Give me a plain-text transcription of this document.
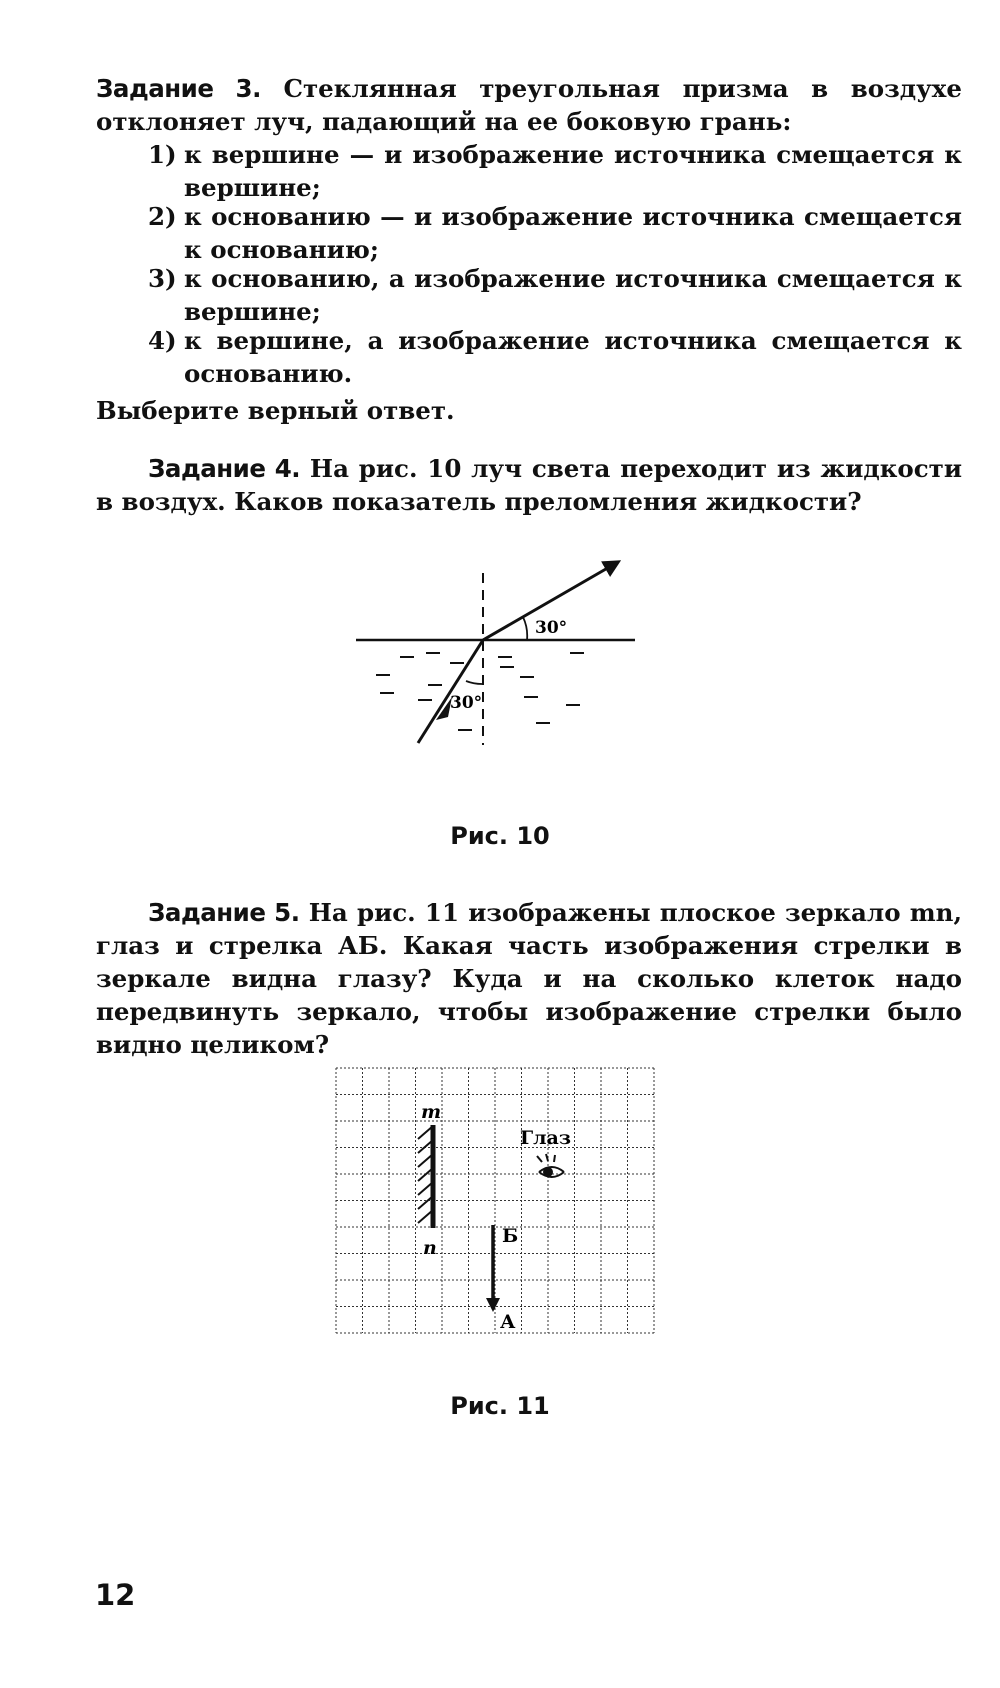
Задание 3. Стеклянная треугольная призма в воздухе отклоняет луч, падающий на ее боковую грань:
1) к вершине — и изображение источника смещается к вершине;
2) к основанию — и изображение источника смещается к основанию;
3) к основанию, а изображение источника смещается к вершине;
4) к вершине, а изображение источника смещается к основанию.
Выберите верный ответ.
Задание 4. На рис. 10 луч света переходит из жидкости в воздух. Каков показатель преломления жидкости?
30°
30°
Рис. 10
Задание 5. На рис. 11 изображены плоское зеркало mn, глаз и стрелка АБ. Какая часть изображения стрелки в зеркале видна глазу? Куда и на сколько клеток надо передвинуть зеркало, чтобы изображение стрелки было видно целиком?
m
n
Глаз
Б
А
Рис. 11
12
